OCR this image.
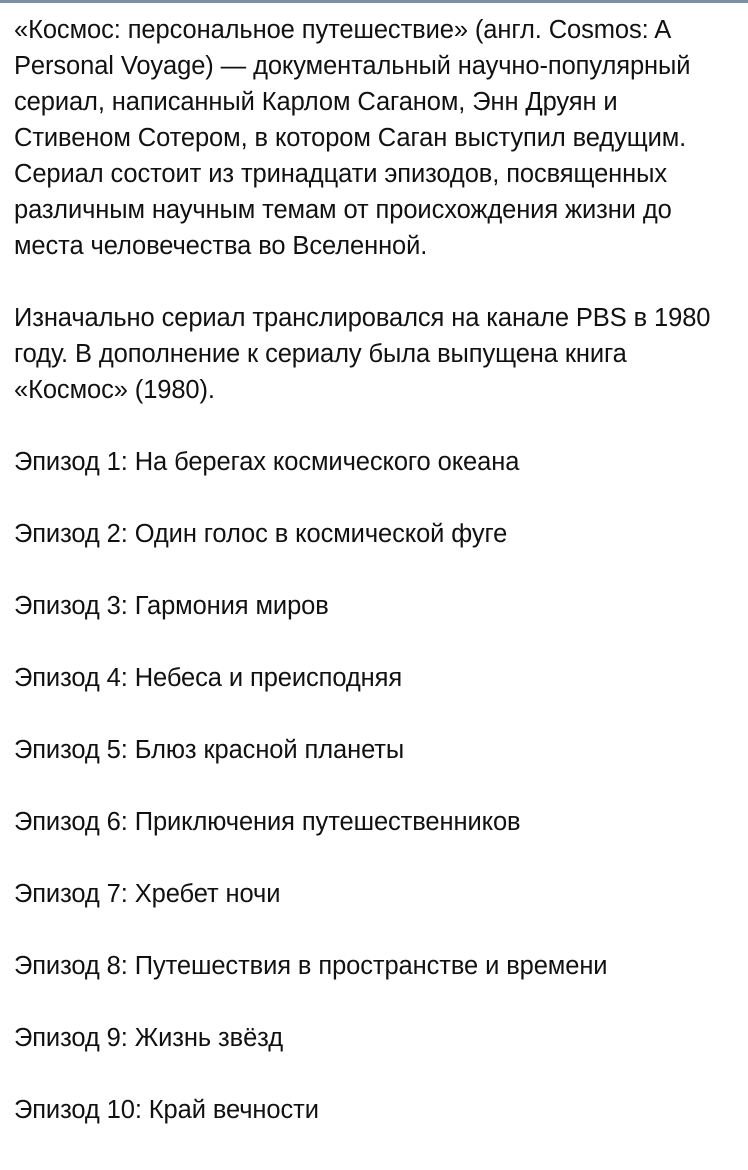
«Космос: персональное путешествие» (англ. Cosmos: A Personal Voyage) — документальный научно-популярный сериал, написанный Карлом Саганом, Энн Друян и Стивеном Сотером, в котором Саган выступил ведущим. Сериал состоит из тринадцати эпизодов, посвященных различным научным темам от происхождения жизни до места человечества во Вселенной.

Изначально сериал транслировался на канале PBS в 1980 году. В дополнение к сериалу была выпущена книга «Космос» (1980).

Эпизод 1: На берегах космического океана
Эпизод 2: Один голос в космической фуге
Эпизод 3: Гармония миров
Эпизод 4: Небеса и преисподняя
Эпизод 5: Блюз красной планеты
Эпизод 6: Приключения путешественников
Эпизод 7: Хребет ночи
Эпизод 8: Путешествия в пространстве и времени
Эпизод 9: Жизнь звёзд
Эпизод 10: Край вечности
